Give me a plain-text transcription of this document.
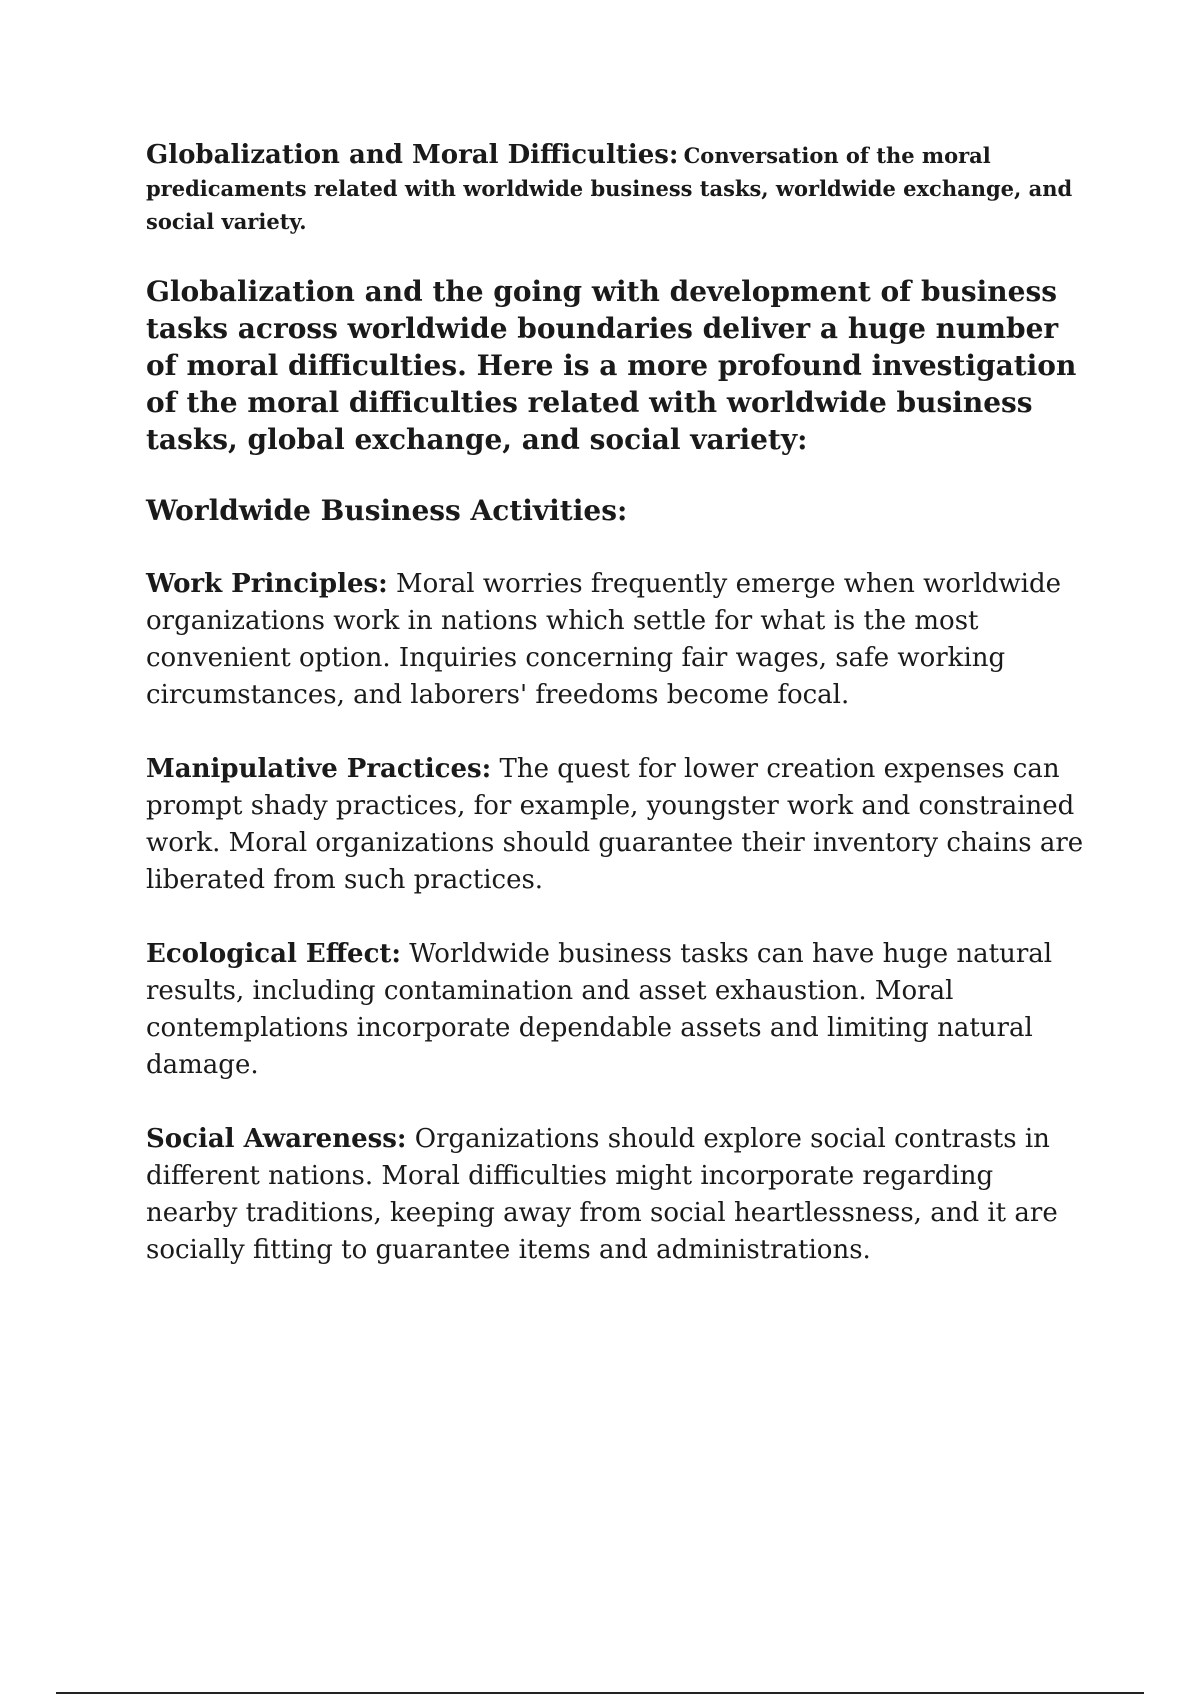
Globalization and Moral Difficulties: Conversation of the moral predicaments related with worldwide business tasks, worldwide exchange, and social variety.

Globalization and the going with development of business tasks across worldwide boundaries deliver a huge number of moral difficulties. Here is a more profound investigation of the moral difficulties related with worldwide business tasks, global exchange, and social variety:

Worldwide Business Activities:

Work Principles: Moral worries frequently emerge when worldwide organizations work in nations which settle for what is the most convenient option. Inquiries concerning fair wages, safe working circumstances, and laborers' freedoms become focal.

Manipulative Practices: The quest for lower creation expenses can prompt shady practices, for example, youngster work and constrained work. Moral organizations should guarantee their inventory chains are liberated from such practices.

Ecological Effect: Worldwide business tasks can have huge natural results, including contamination and asset exhaustion. Moral contemplations incorporate dependable assets and limiting natural damage.

Social Awareness: Organizations should explore social contrasts in different nations. Moral difficulties might incorporate regarding nearby traditions, keeping away from social heartlessness, and it are socially fitting to guarantee items and administrations.
